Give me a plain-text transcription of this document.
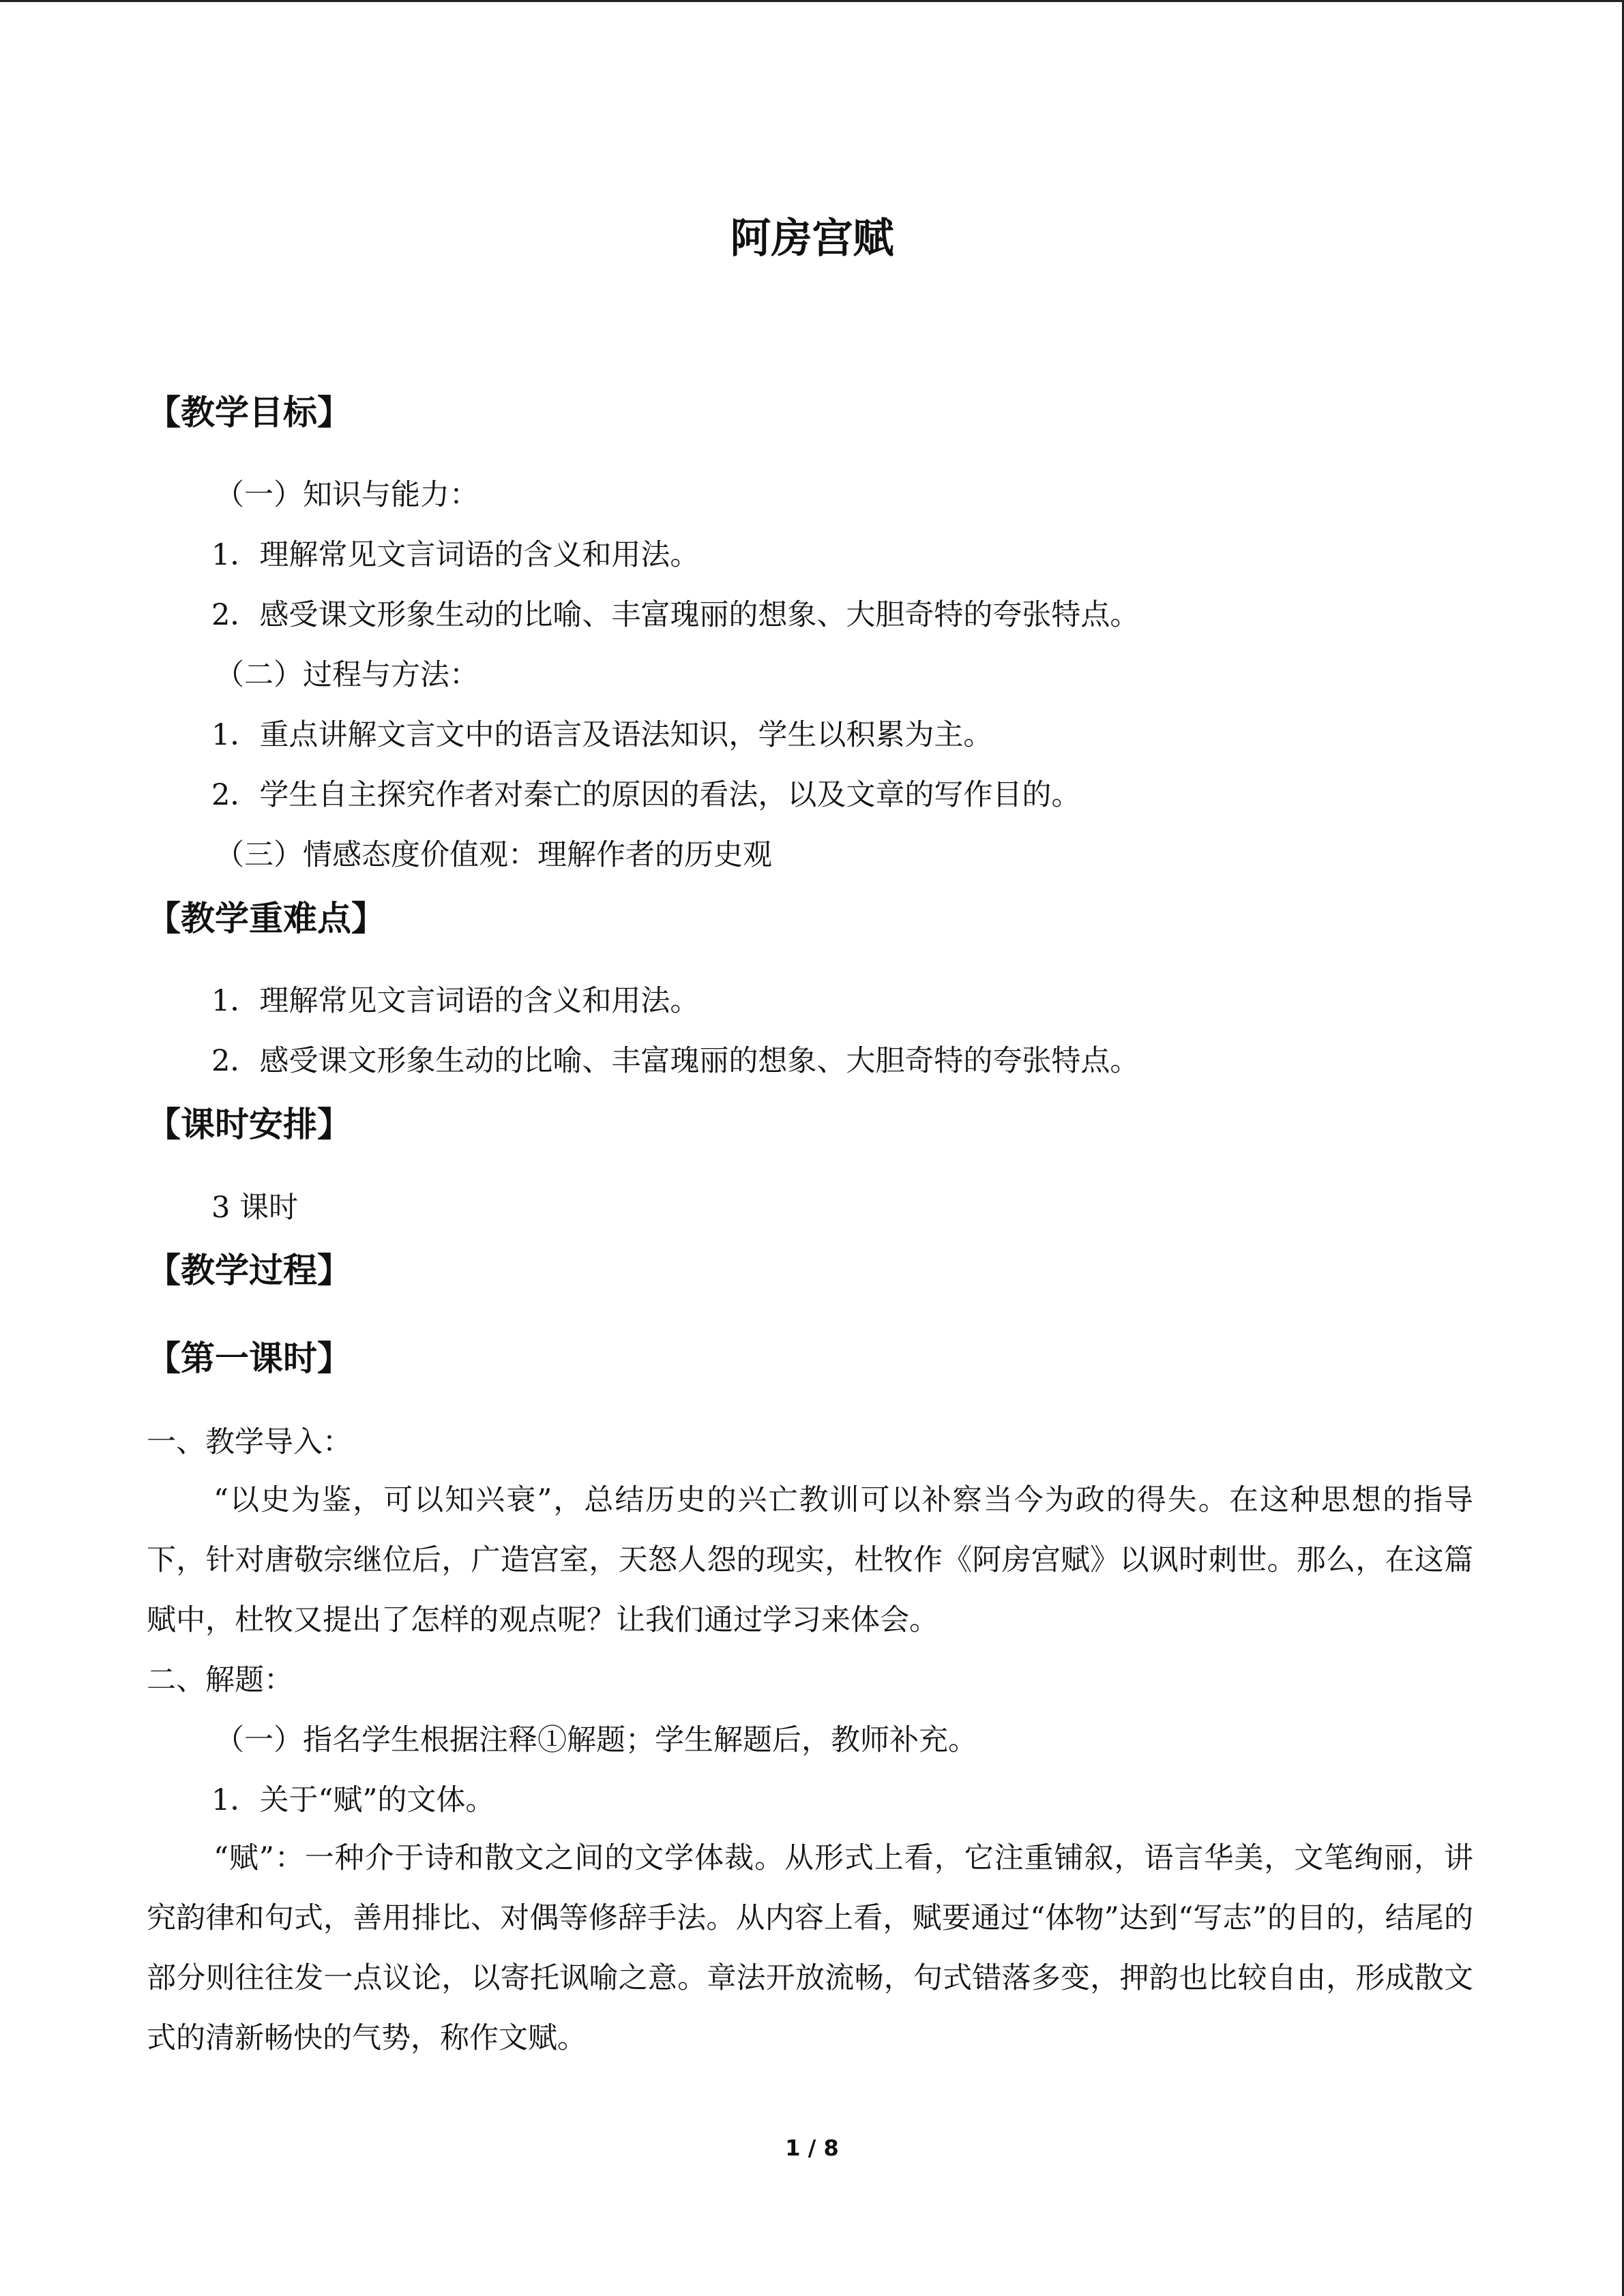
阿房宫赋
【教学目标】

（一）知识与能力：

1．理解常见文言词语的含义和用法。

2．感受课文形象生动的比喻、丰富瑰丽的想象、大胆奇特的夸张特点。

（二）过程与方法：

1．重点讲解文言文中的语言及语法知识，学生以积累为主。

2．学生自主探究作者对秦亡的原因的看法，以及文章的写作目的。

（三）情感态度价值观：理解作者的历史观

【教学重难点】

1．理解常见文言词语的含义和用法。

2．感受课文形象生动的比喻、丰富瑰丽的想象、大胆奇特的夸张特点。

【课时安排】

3 课时

【教学过程】
【第一课时】

一、教学导入：

“以史为鉴，可以知兴衰”，总结历史的兴亡教训可以补察当今为政的得失。在这种思想的指导下，针对唐敬宗继位后，广造宫室，天怒人怨的现实，杜牧作《阿房宫赋》以讽时刺世。那么，在这篇赋中，杜牧又提出了怎样的观点呢？让我们通过学习来体会。

二、解题：

（一）指名学生根据注释①解题；学生解题后，教师补充。

1．关于“赋”的文体。

“赋”：一种介于诗和散文之间的文学体裁。从形式上看，它注重铺叙，语言华美，文笔绚丽，讲究韵律和句式，善用排比、对偶等修辞手法。从内容上看，赋要通过“体物”达到“写志”的目的，结尾的部分则往往发一点议论，以寄托讽喻之意。章法开放流畅，句式错落多变，押韵也比较自由，形成散文式的清新畅快的气势，称作文赋。

1 / 8
